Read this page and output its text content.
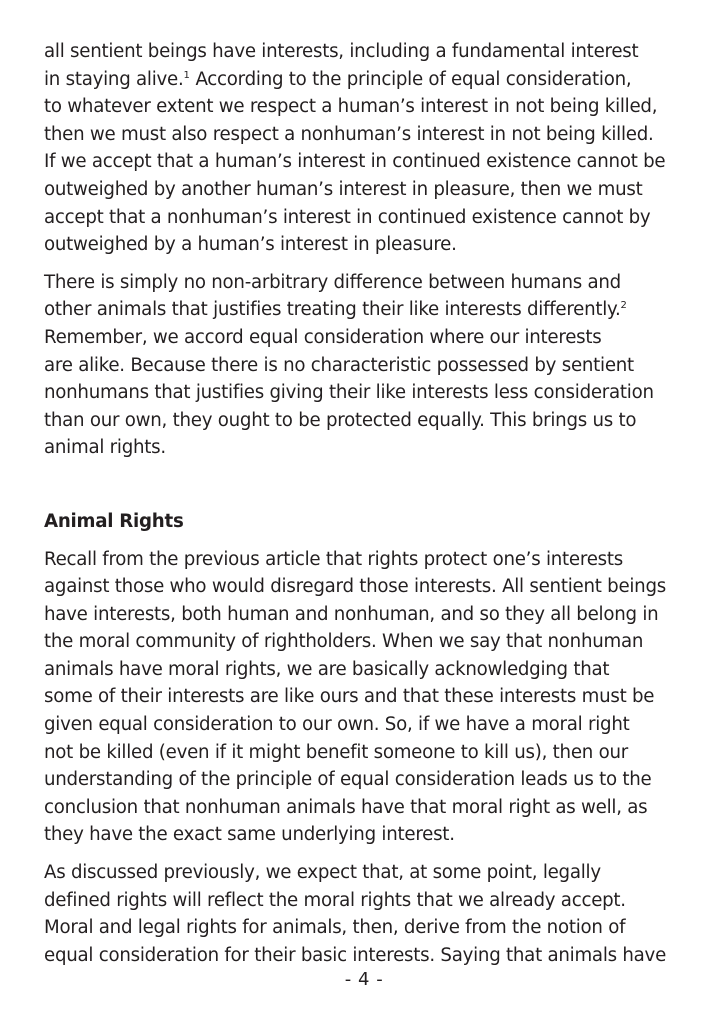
all sentient beings have interests, including a fundamental interest
in staying alive.$^1$ According to the principle of equal consideration,
to whatever extent we respect a human’s interest in not being killed,
then we must also respect a nonhuman’s interest in not being killed.
If we accept that a human’s interest in continued existence cannot be
outweighed by another human’s interest in pleasure, then we must
accept that a nonhuman’s interest in continued existence cannot by
outweighed by a human’s interest in pleasure.

There is simply no non-arbitrary difference between humans and
other animals that justifies treating their like interests differently.$^2$
Remember, we accord equal consideration where our interests
are alike. Because there is no characteristic possessed by sentient
nonhumans that justifies giving their like interests less consideration
than our own, they ought to be protected equally. This brings us to
animal rights.

Animal Rights

Recall from the previous article that rights protect one’s interests
against those who would disregard those interests. All sentient beings
have interests, both human and nonhuman, and so they all belong in
the moral community of rightholders. When we say that nonhuman
animals have moral rights, we are basically acknowledging that
some of their interests are like ours and that these interests must be
given equal consideration to our own. So, if we have a moral right
not be killed (even if it might benefit someone to kill us), then our
understanding of the principle of equal consideration leads us to the
conclusion that nonhuman animals have that moral right as well, as
they have the exact same underlying interest.

As discussed previously, we expect that, at some point, legally
defined rights will reflect the moral rights that we already accept.
Moral and legal rights for animals, then, derive from the notion of
equal consideration for their basic interests. Saying that animals have

- 4 -
